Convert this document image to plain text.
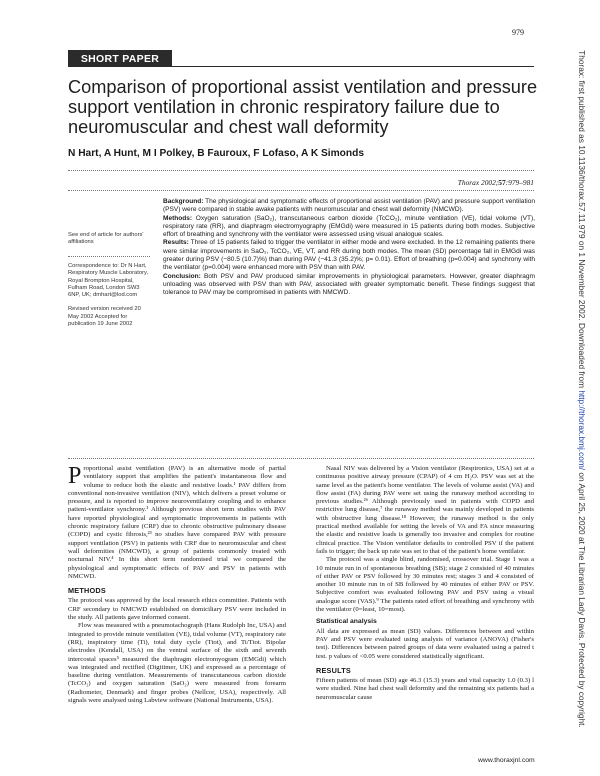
979
SHORT PAPER
Comparison of proportional assist ventilation and pressure support ventilation in chronic respiratory failure due to neuromuscular and chest wall deformity
N Hart, A Hunt, M I Polkey, B Fauroux, F Lofaso, A K Simonds
Thorax 2002;57:979–981

See end of article for authors' affiliations

Correspondence to: Dr N Hart, Respiratory Muscle Laboratory, Royal Brompton Hospital, Fulham Road, London SW3 6NP, UK; dmhart@lod.com

Revised version received 20 May 2002 Accepted for publication 19 June 2002

Background: The physiological and symptomatic effects of proportional assist ventilation (PAV) and pressure support ventilation (PSV) were compared in stable awake patients with neuromuscular and chest wall deformity (NMCWD).

Methods: Oxygen saturation (SaO₂), transcutaneous carbon dioxide (TcCO₂), minute ventilation (VE), tidal volume (VT), respiratory rate (RR), and diaphragm electromyography (EMGdi) were measured in 15 patients during both modes. Subjective effort of breathing and synchrony with the ventilator were assessed using visual analogue scales.

Results: Three of 15 patients failed to trigger the ventilator in either mode and were excluded. In the 12 remaining patients there were similar improvements in SaO₂, TcCO₂, VE, VT, and RR during both modes. The mean (SD) percentage fall in EMGdi was greater during PSV (−80.5 (10.7)%) than during PAV (−41.3 (35.2)%; p= 0.01). Effort of breathing (p=0.004) and synchrony with the ventilator (p=0.004) were enhanced more with PSV than with PAV.

Conclusion: Both PSV and PAV produced similar improvements in physiological parameters. However, greater diaphragm unloading was observed with PSV than with PAV, associated with greater symptomatic benefit. These findings suggest that tolerance to PAV may be compromised in patients with NMCWD.

Proportional assist ventilation (PAV) is an alternative mode of partial ventilatory support that amplifies the patient's instantaneous flow and volume to reduce both the elastic and resistive loads.¹ PAV differs from conventional non-invasive ventilation (NIV), which delivers a preset volume or pressure, and is reported to improve neuroventilatory coupling and to enhance patient-ventilator synchrony.¹ Although previous short term studies with PAV have reported physiological and symptomatic improvements in patients with chronic respiratory failure (CRF) due to chronic obstructive pulmonary disease (COPD) and cystic fibrosis,²³ no studies have compared PAV with pressure support ventilation (PSV) in patients with CRF due to neuromuscular and chest wall deformities (NMCWD), a group of patients commonly treated with nocturnal NIV.⁴ In this short term randomised trial we compared the physiological and symptomatic effects of PAV and PSV in patients with NMCWD.

METHODS

The protocol was approved by the local research ethics committee. Patients with CRF secondary to NMCWD established on domiciliary PSV were included in the study. All patients gave informed consent.

Flow was measured with a pneumotachograph (Hans Rudolph Inc, USA) and integrated to provide minute ventilation (VE), tidal volume (VT), respiratory rate (RR), inspiratory time (Ti), total duty cycle (Ttot), and Ti/Ttot. Bipolar electrodes (Kendall, USA) on the ventral surface of the sixth and seventh intercostal spaces⁵ measured the diaphragm electromyogram (EMGdi) which was integrated and rectified (Digitimer, UK) and expressed as a percentage of baseline during ventilation. Measurements of transcutaneous carbon dioxide (TcCO₂) and oxygen saturation (SaO₂) were measured from forearm (Radiometer, Denmark) and finger probes (Nellcor, USA), respectively. All signals were analysed using Labview software (National Instruments, USA).

Nasal NIV was delivered by a Vision ventilator (Respironics, USA) set at a continuous positive airway pressure (CPAP) of 4 cm H₂O. PSV was set at the same level as the patient's home ventilator. The levels of volume assist (VA) and flow assist (FA) during PAV were set using the runaway method according to previous studies.²⁶ Although previously used in patients with COPD and restrictive lung disease,⁷ the runaway method was mainly developed in patients with obstructive lung disease.¹⁸ However, the runaway method is the only practical method available for setting the levels of VA and FA since measuring the elastic and resistive loads is generally too invasive and complex for routine clinical practice. The Vision ventilator defaults to controlled PSV if the patient fails to trigger; the back up rate was set to that of the patient's home ventilator.

The protocol was a single blind, randomised, crossover trial. Stage 1 was a 10 minute run in of spontaneous breathing (SB); stage 2 consisted of 40 minutes of either PAV or PSV followed by 30 minutes rest; stages 3 and 4 consisted of another 10 minute run in of SB followed by 40 minutes of either PAV or PSV. Subjective comfort was evaluated following PAV and PSV using a visual analogue score (VAS).⁹ The patients rated effort of breathing and synchrony with the ventilator (0=least, 10=most).

Statistical analysis

All data are expressed as mean (SD) values. Differences between and within PAV and PSV were evaluated using analysis of variance (ANOVA) (Fisher's test). Differences between paired groups of data were evaluated using a paired t test. p values of <0.05 were considered statistically significant.

RESULTS

Fifteen patients of mean (SD) age 46.3 (15.3) years and vital capacity 1.0 (0.3) l were studied. Nine had chest wall deformity and the remaining six patients had a neuromuscular cause

www.thoraxjnl.com
Thorax: first published as 10.1136/thorax.57.11.979 on 1 November 2002. Downloaded from http://thorax.bmj.com/ on April 25, 2020 at The Librarian Lady Davis. Protected by copyright.
